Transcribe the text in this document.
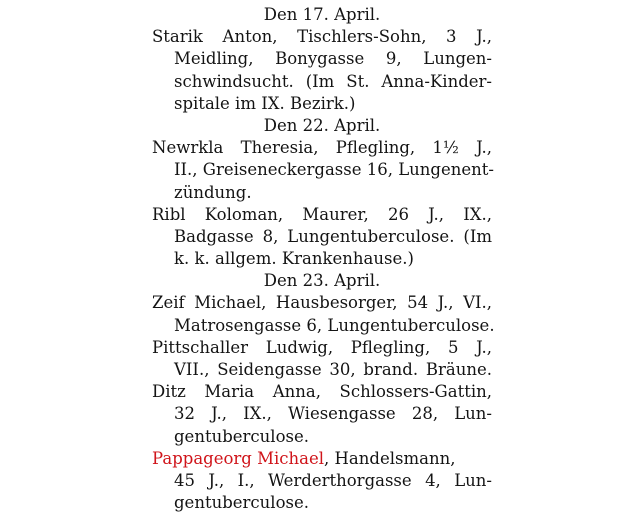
Den 17. April.
Starik Anton, Tischlers-Sohn, 3 J.,
Meidling, Bonygasse 9, Lungen-
schwindsucht. (Im St. Anna-Kinder-
spitale im IX. Bezirk.)
Den 22. April.
Newrkla Theresia, Pflegling, 1½ J.,
II., Greiseneckergasse 16, Lungenent-
zündung.
Ribl Koloman, Maurer, 26 J., IX.,
Badgasse 8, Lungentuberculose. (Im
k. k. allgem. Krankenhause.)
Den 23. April.
Zeif Michael, Hausbesorger, 54 J., VI.,
Matrosengasse 6, Lungentuberculose.
Pittschaller Ludwig, Pflegling, 5 J.,
VII., Seidengasse 30, brand. Bräune.
Ditz Maria Anna, Schlossers-Gattin,
32 J., IX., Wiesengasse 28, Lun-
gentuberculose.
Pappageorg Michael, Handelsmann,
45 J., I., Werderthorgasse 4, Lun-
gentuberculose.
